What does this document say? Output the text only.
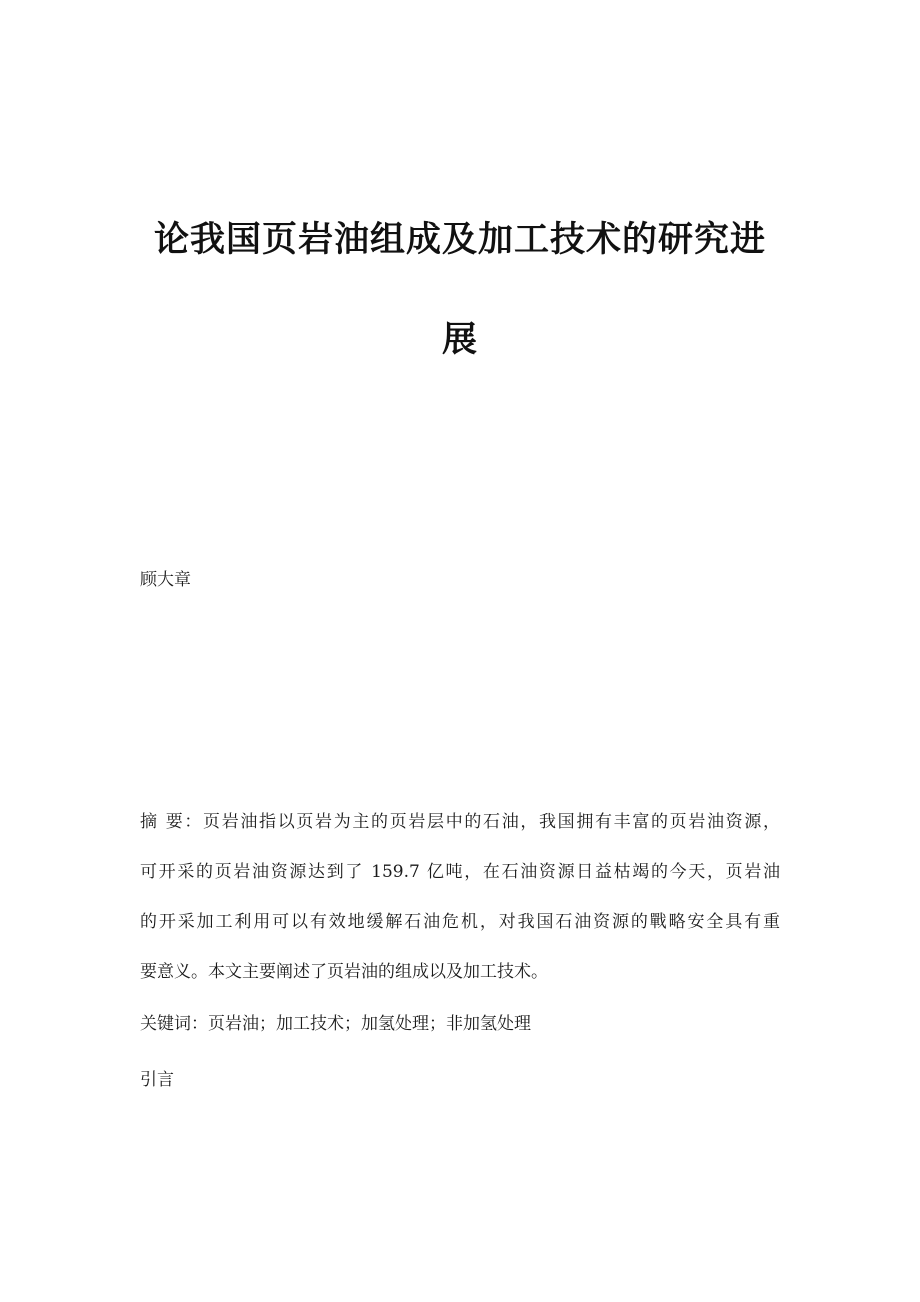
论我国页岩油组成及加工技术的研究进
展
顾大章
摘 要：页岩油指以页岩为主的页岩层中的石油，我国拥有丰富的页岩油资源，
可开采的页岩油资源达到了 159.7 亿吨，在石油资源日益枯竭的今天，页岩油
的开采加工利用可以有效地缓解石油危机，对我国石油资源的戰略安全具有重
要意义。本文主要阐述了页岩油的组成以及加工技术。
关键词：页岩油；加工技术；加氢处理；非加氢处理
引言
